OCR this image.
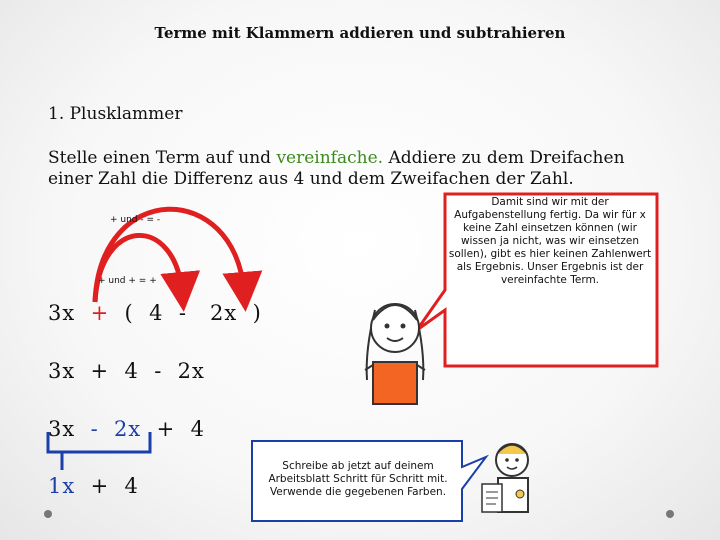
Terme mit Klammern addieren und subtrahieren
1. Plusklammer
Stelle einen Term auf und vereinfache. Addiere zu dem Dreifachen einer Zahl die Differenz aus 4 und dem Zweifachen der Zahl.
+ und - = -
+ und + = +
3x + ( 4 - 2x )
3x  +  4  -  2x
3x - 2x + 4
1x + 4
Damit sind wir mit der Aufgabenstellung fertig. Da wir für x keine Zahl einsetzen können (wir wissen ja nicht, was wir einsetzen sollen), gibt es hier keinen Zahlenwert als Ergebnis. Unser Ergebnis ist der vereinfachte Term.
Schreibe ab jetzt auf deinem Arbeitsblatt Schritt für Schritt mit. Verwende die gegebenen Farben.
